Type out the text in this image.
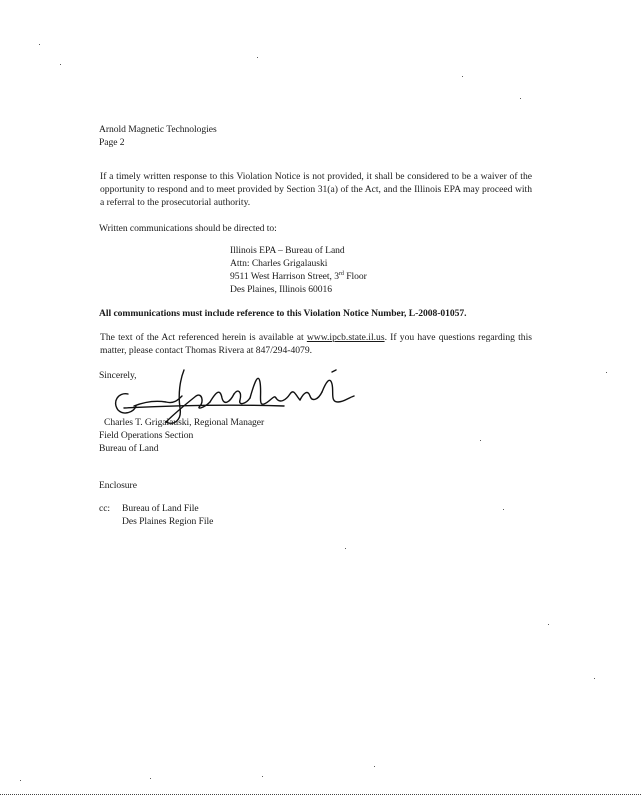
Arnold Magnetic Technologies
Page 2
If a timely written response to this Violation Notice is not provided, it shall be considered to be a waiver of the opportunity to respond and to meet provided by Section 31(a) of the Act, and the Illinois EPA may proceed with a referral to the prosecutorial authority.
Written communications should be directed to:
Illinois EPA – Bureau of Land
Attn: Charles Grigalauski
9511 West Harrison Street, 3rd Floor
Des Plaines, Illinois 60016
All communications must include reference to this Violation Notice Number, L-2008-01057.
The text of the Act referenced herein is available at www.ipcb.state.il.us. If you have questions regarding this matter, please contact Thomas Rivera at 847/294-4079.
Sincerely,
Charles T. Grigalauski, Regional Manager
Field Operations Section
Bureau of Land
Enclosure
cc: Bureau of Land File
Des Plaines Region File
